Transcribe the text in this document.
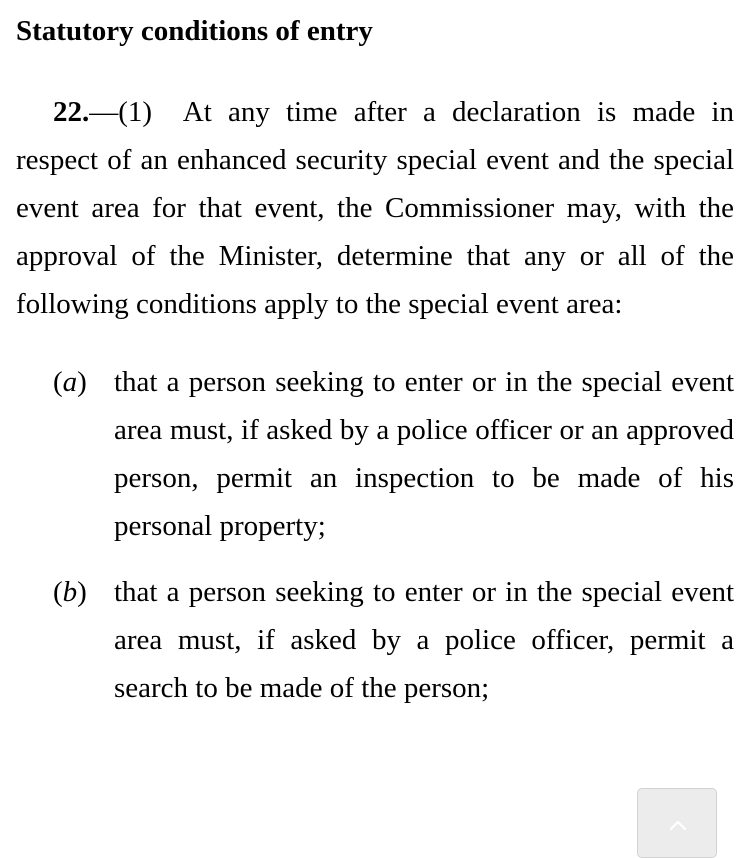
Statutory conditions of entry

22.—(1) At any time after a declaration is made in respect of an enhanced security special event and the special event area for that event, the Commissioner may, with the approval of the Minister, determine that any or all of the following conditions apply to the special event area:

(a) that a person seeking to enter or in the special event area must, if asked by a police officer or an approved person, permit an inspection to be made of his personal property;
(b) that a person seeking to enter or in the special event area must, if asked by a police officer, permit a search to be made of the person;
